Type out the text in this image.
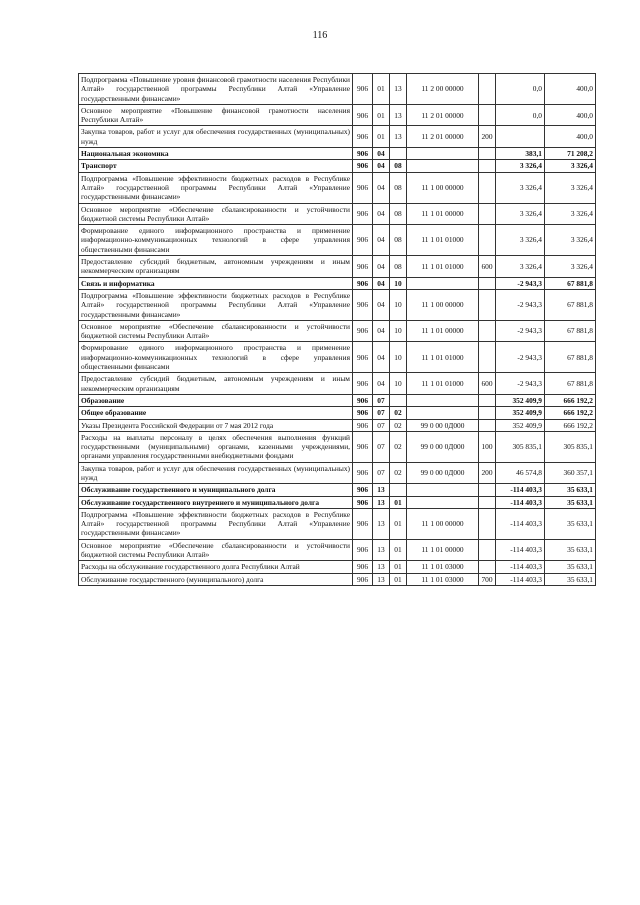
116
Подпрограмма «Повышение уровня финансовой грамотности населения Республики Алтай» государственной программы Республики Алтай «Управление государственными финансами»	906	01	13	11 2 00 00000		0,0	400,0
Основное мероприятие «Повышение финансовой грамотности населения Республики Алтай»	906	01	13	11 2 01 00000		0,0	400,0
Закупка товаров, работ и услуг для обеспечения государственных (муниципальных) нужд	906	01	13	11 2 01 00000	200		400,0
Национальная экономика	906	04				383,1	71 208,2
Транспорт	906	04	08			3 326,4	3 326,4
Подпрограмма «Повышение эффективности бюджетных расходов в Республике Алтай» государственной программы Республики Алтай «Управление государственными финансами»	906	04	08	11 1 00 00000		3 326,4	3 326,4
Основное мероприятие «Обеспечение сбалансированности и устойчивости бюджетной системы Республики Алтай»	906	04	08	11 1 01 00000		3 326,4	3 326,4
Формирование единого информационного пространства и применение информационно-коммуникационных технологий в сфере управления общественными финансами	906	04	08	11 1 01 01000		3 326,4	3 326,4
Предоставление субсидий бюджетным, автономным учреждениям и иным некоммерческим организациям	906	04	08	11 1 01 01000	600	3 326,4	3 326,4
Связь и информатика	906	04	10			-2 943,3	67 881,8
Подпрограмма «Повышение эффективности бюджетных расходов в Республике Алтай» государственной программы Республики Алтай «Управление государственными финансами»	906	04	10	11 1 00 00000		-2 943,3	67 881,8
Основное мероприятие «Обеспечение сбалансированности и устойчивости бюджетной системы Республики Алтай»	906	04	10	11 1 01 00000		-2 943,3	67 881,8
Формирование единого информационного пространства и применение информационно-коммуникационных технологий в сфере управления общественными финансами	906	04	10	11 1 01 01000		-2 943,3	67 881,8
Предоставление субсидий бюджетным, автономным учреждениям и иным некоммерческим организациям	906	04	10	11 1 01 01000	600	-2 943,3	67 881,8
Образование	906	07				352 409,9	666 192,2
Общее образование	906	07	02			352 409,9	666 192,2
Указы Президента Российской Федерации от 7 мая 2012 года	906	07	02	99 0 00 0Д000		352 409,9	666 192,2
Расходы на выплаты персоналу в целях обеспечения выполнения функций государственными (муниципальными) органами, казенными учреждениями, органами управления государственными внебюджетными фондами	906	07	02	99 0 00 0Д000	100	305 835,1	305 835,1
Закупка товаров, работ и услуг для обеспечения государственных (муниципальных) нужд	906	07	02	99 0 00 0Д000	200	46 574,8	360 357,1
Обслуживание государственного и муниципального долга	906	13				-114 403,3	35 633,1
Обслуживание государственного внутреннего и муниципального долга	906	13	01			-114 403,3	35 633,1
Подпрограмма «Повышение эффективности бюджетных расходов в Республике Алтай» государственной программы Республики Алтай «Управление государственными финансами»	906	13	01	11 1 00 00000		-114 403,3	35 633,1
Основное мероприятие «Обеспечение сбалансированности и устойчивости бюджетной системы Республики Алтай»	906	13	01	11 1 01 00000		-114 403,3	35 633,1
Расходы на обслуживание государственного долга Республики Алтай	906	13	01	11 1 01 03000		-114 403,3	35 633,1
Обслуживание государственного (муниципального) долга	906	13	01	11 1 01 03000	700	-114 403,3	35 633,1
